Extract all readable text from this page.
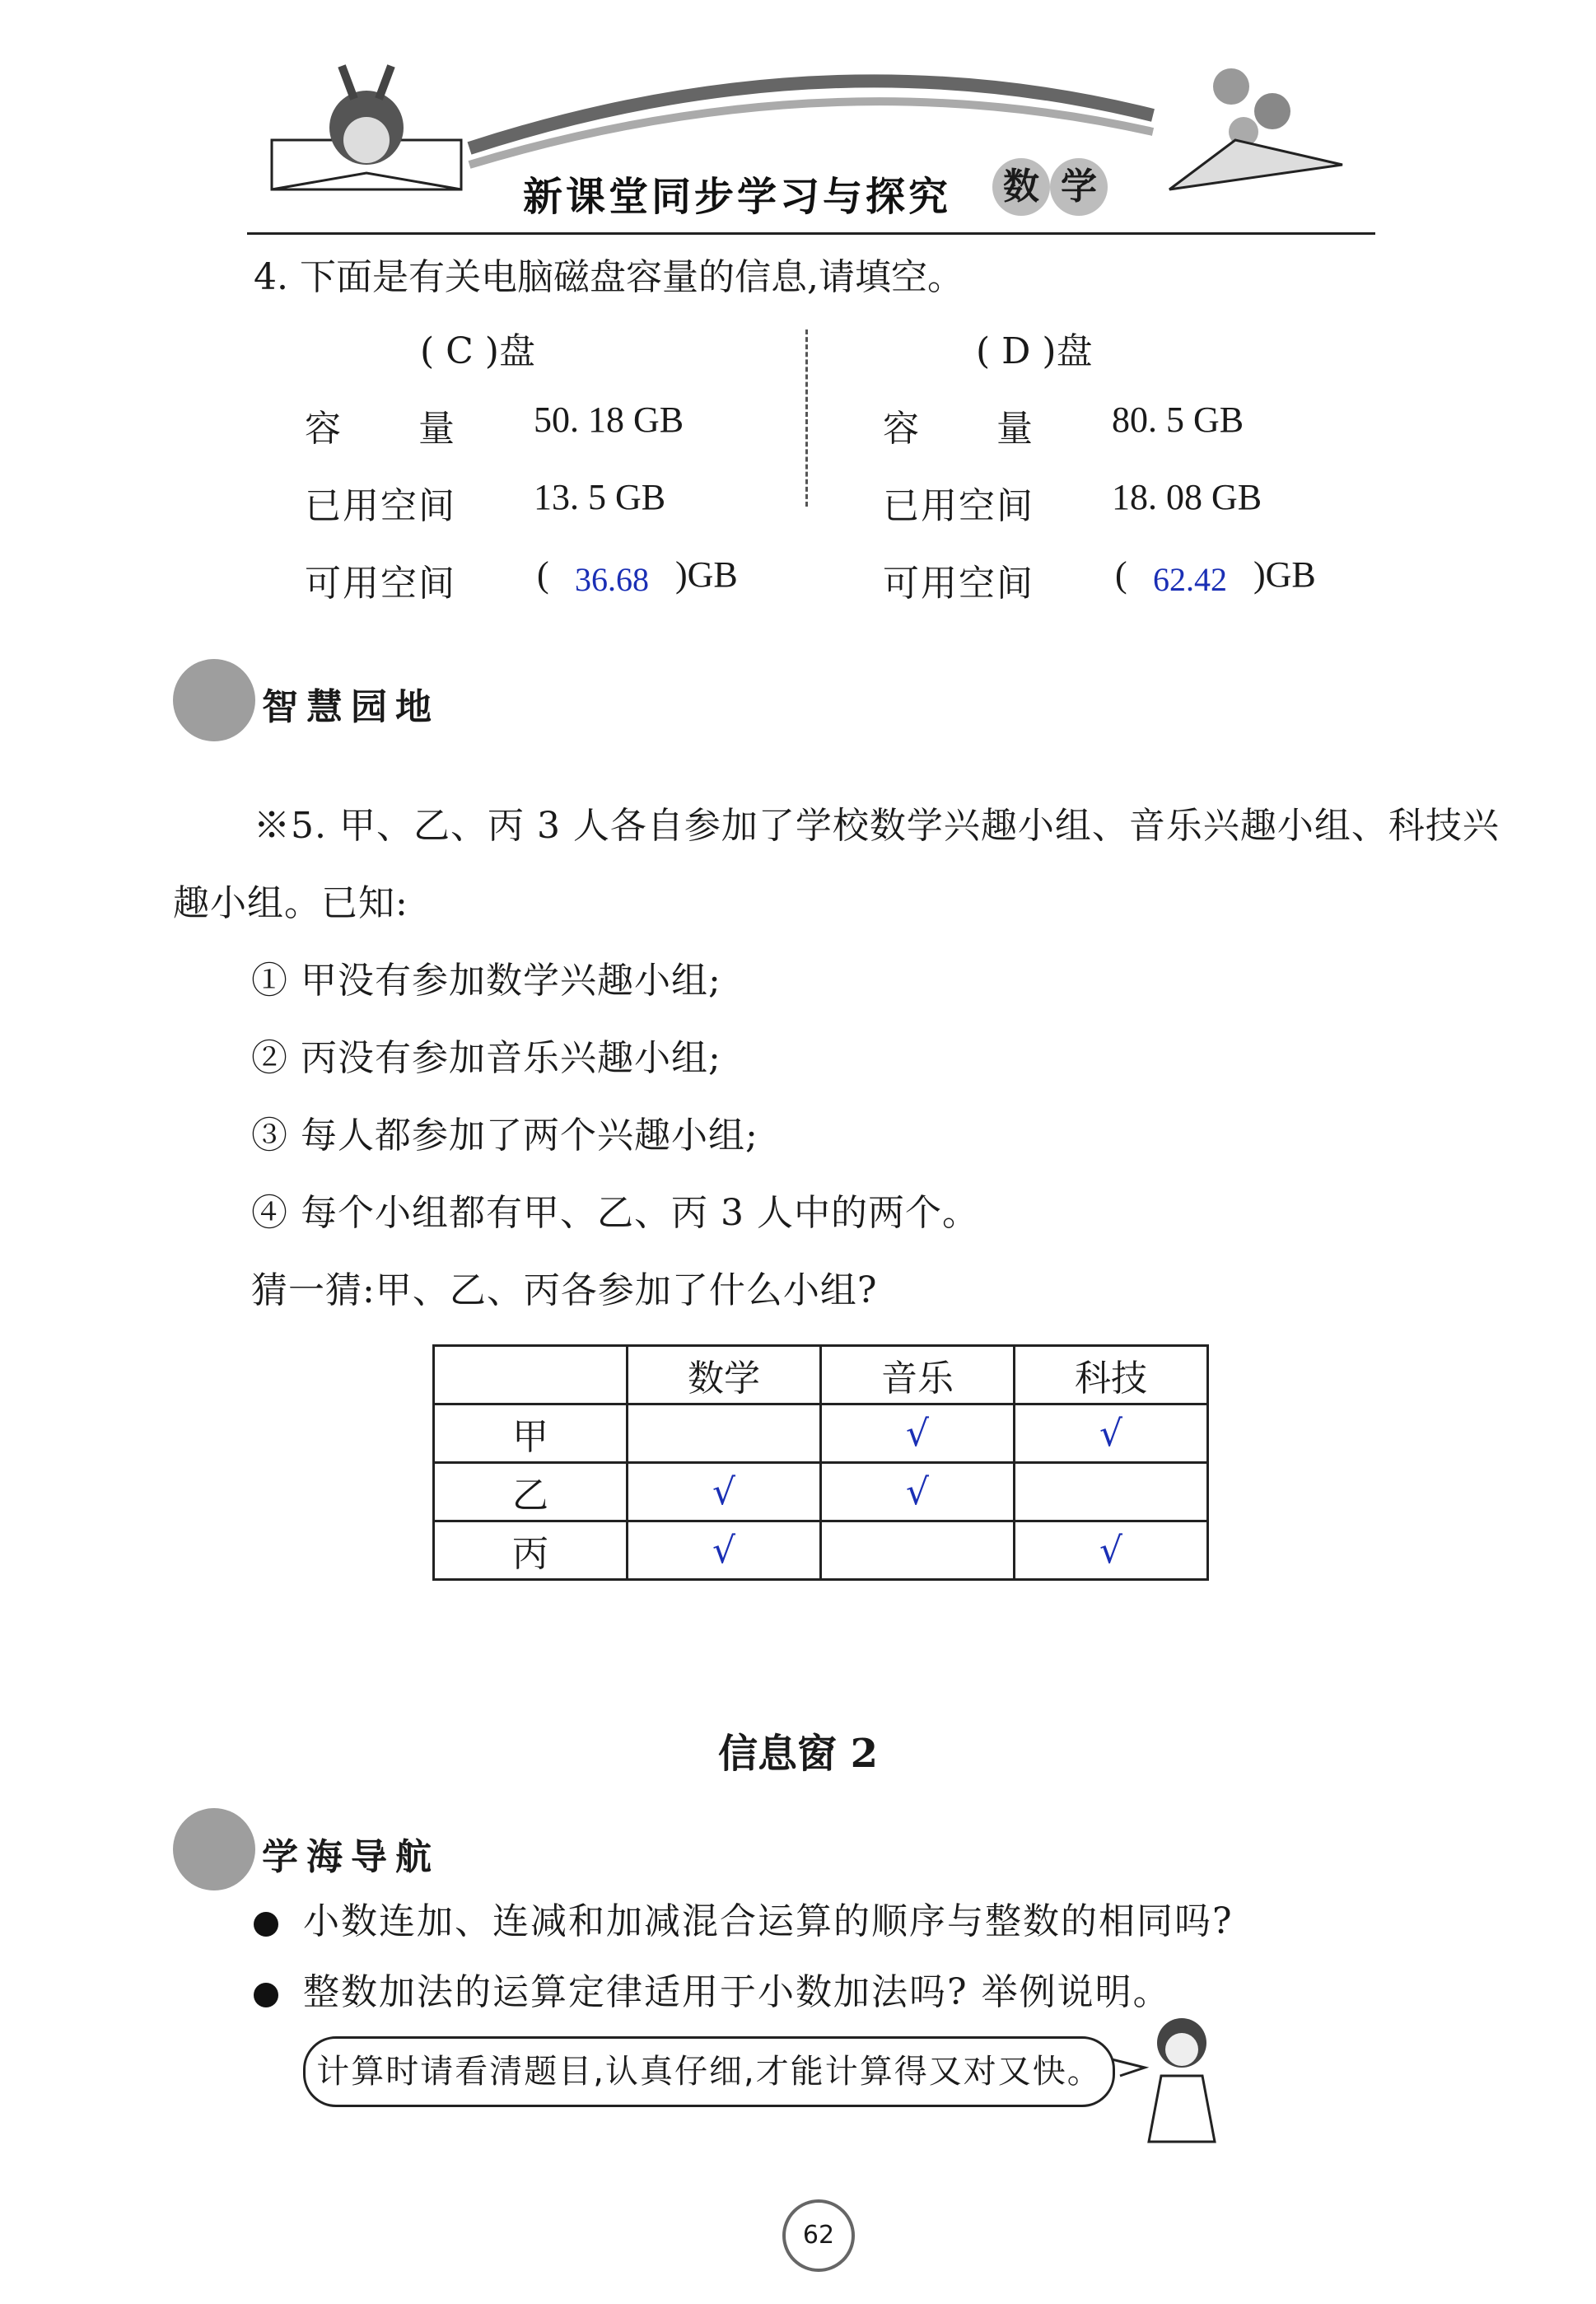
新课堂同步学习与探究 数 学
4. 下面是有关电脑磁盘容量的信息,请填空。
( C )盘
容　　量 50. 18 GB
已用空间 13. 5 GB
可用空间 ( 36.68 )GB
( D )盘
容　　量 80. 5 GB
已用空间 18. 08 GB
可用空间 ( 62.42 )GB
智慧园地
※5. 甲、乙、丙 3 人各自参加了学校数学兴趣小组、音乐兴趣小组、科技兴
趣小组。已知:
① 甲没有参加数学兴趣小组;
② 丙没有参加音乐兴趣小组;
③ 每人都参加了两个兴趣小组;
④ 每个小组都有甲、乙、丙 3 人中的两个。
猜一猜:甲、乙、丙各参加了什么小组?
	数学	音乐	科技
甲		√	√
乙	√	√	
丙	√		√
信息窗 2
学海导航
小数连加、连减和加减混合运算的顺序与整数的相同吗?
整数加法的运算定律适用于小数加法吗? 举例说明。
计算时请看清题目,认真仔细,才能计算得又对又快。
62
